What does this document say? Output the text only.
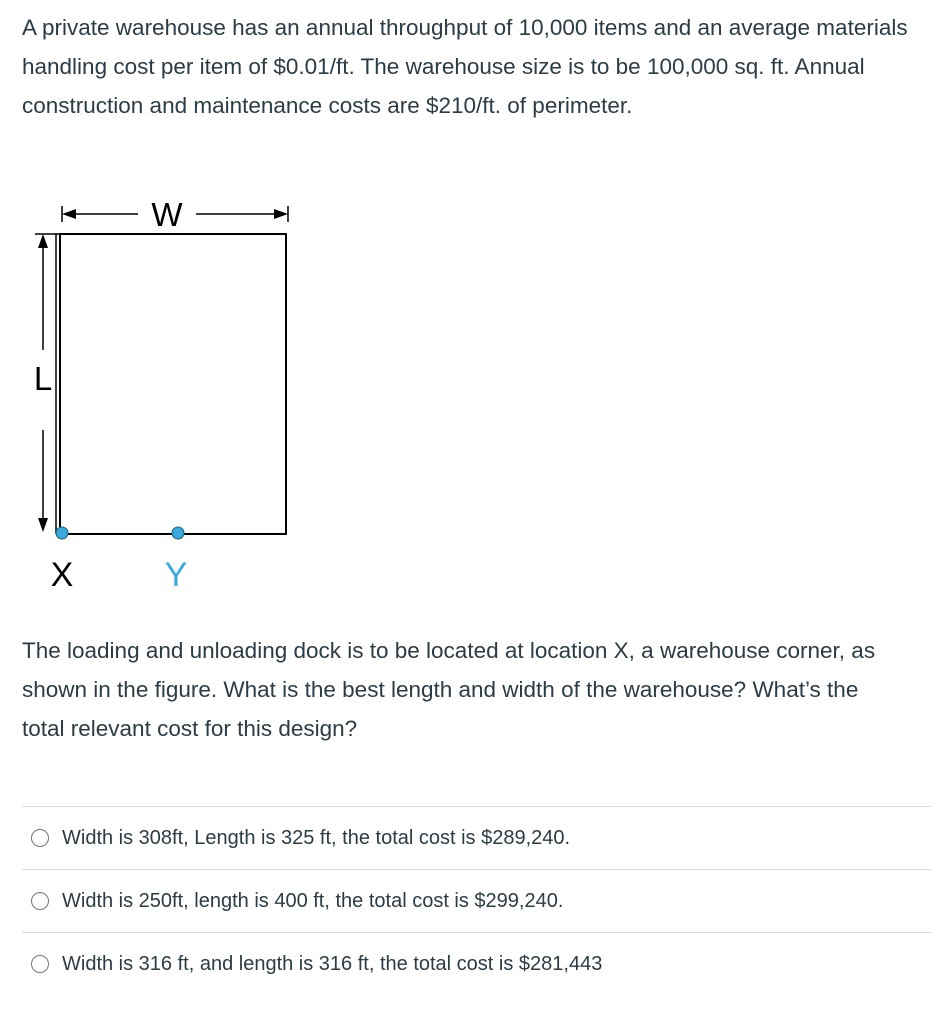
A private warehouse has an annual throughput of 10,000 items and an average materials handling cost per item of $0.01/ft. The warehouse size is to be 100,000 sq. ft. Annual construction and maintenance costs are $210/ft. of perimeter.

W
L
X	Y

The loading and unloading dock is to be located at location X, a warehouse corner, as shown in the figure. What is the best length and width of the warehouse? What’s the total relevant cost for this design?

Width is 308ft, Length is 325 ft, the total cost is $289,240.
Width is 250ft, length is 400 ft, the total cost is $299,240.
Width is 316 ft, and length is 316 ft, the total cost is $281,443
